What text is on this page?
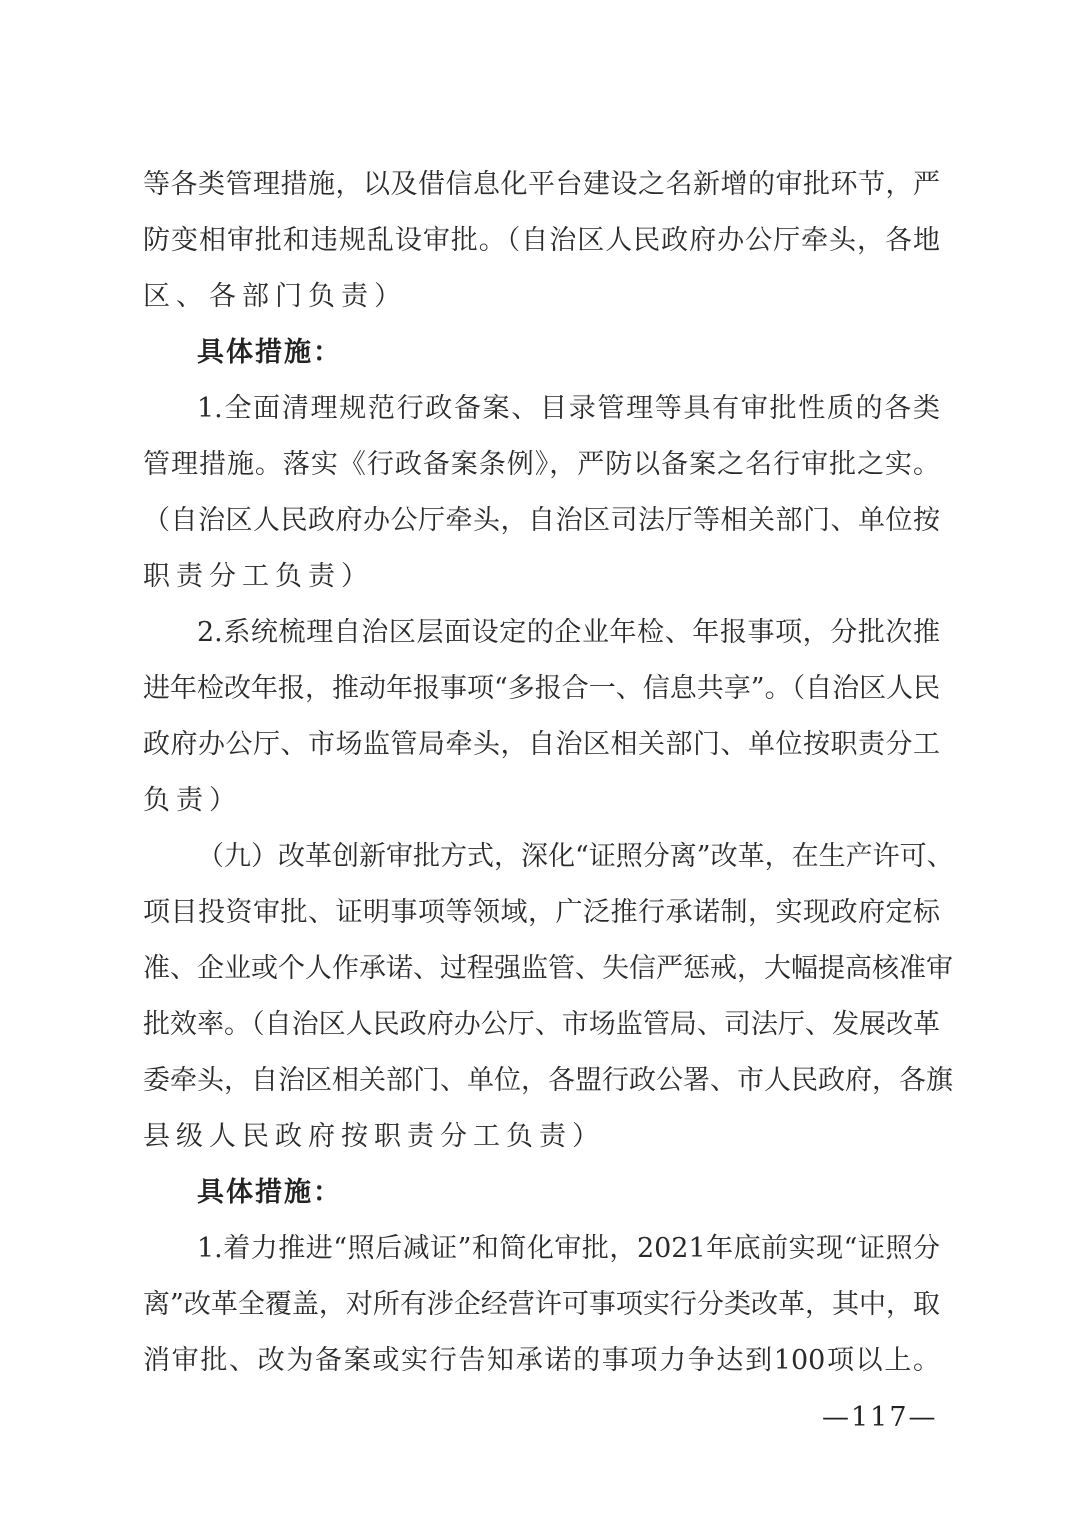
等各类管理措施，以及借信息化平台建设之名新增的审批环节，严
防变相审批和违规乱设审批。（自治区人民政府办公厅牵头，各地
区、各部门负责）
具体措施：
1.全面清理规范行政备案、目录管理等具有审批性质的各类
管理措施。落实《行政备案条例》，严防以备案之名行审批之实。
（自治区人民政府办公厅牵头，自治区司法厅等相关部门、单位按
职责分工负责）
2.系统梳理自治区层面设定的企业年检、年报事项，分批次推
进年检改年报，推动年报事项“多报合一、信息共享”。（自治区人民
政府办公厅、市场监管局牵头，自治区相关部门、单位按职责分工
负责）
（九）改革创新审批方式，深化“证照分离”改革，在生产许可、
项目投资审批、证明事项等领域，广泛推行承诺制，实现政府定标
准、企业或个人作承诺、过程强监管、失信严惩戒，大幅提高核准审
批效率。（自治区人民政府办公厅、市场监管局、司法厅、发展改革
委牵头，自治区相关部门、单位，各盟行政公署、市人民政府，各旗
县级人民政府按职责分工负责）
具体措施：
1.着力推进“照后减证”和简化审批，2021年底前实现“证照分
离”改革全覆盖，对所有涉企经营许可事项实行分类改革，其中，取
消审批、改为备案或实行告知承诺的事项力争达到100项以上。
—117—
